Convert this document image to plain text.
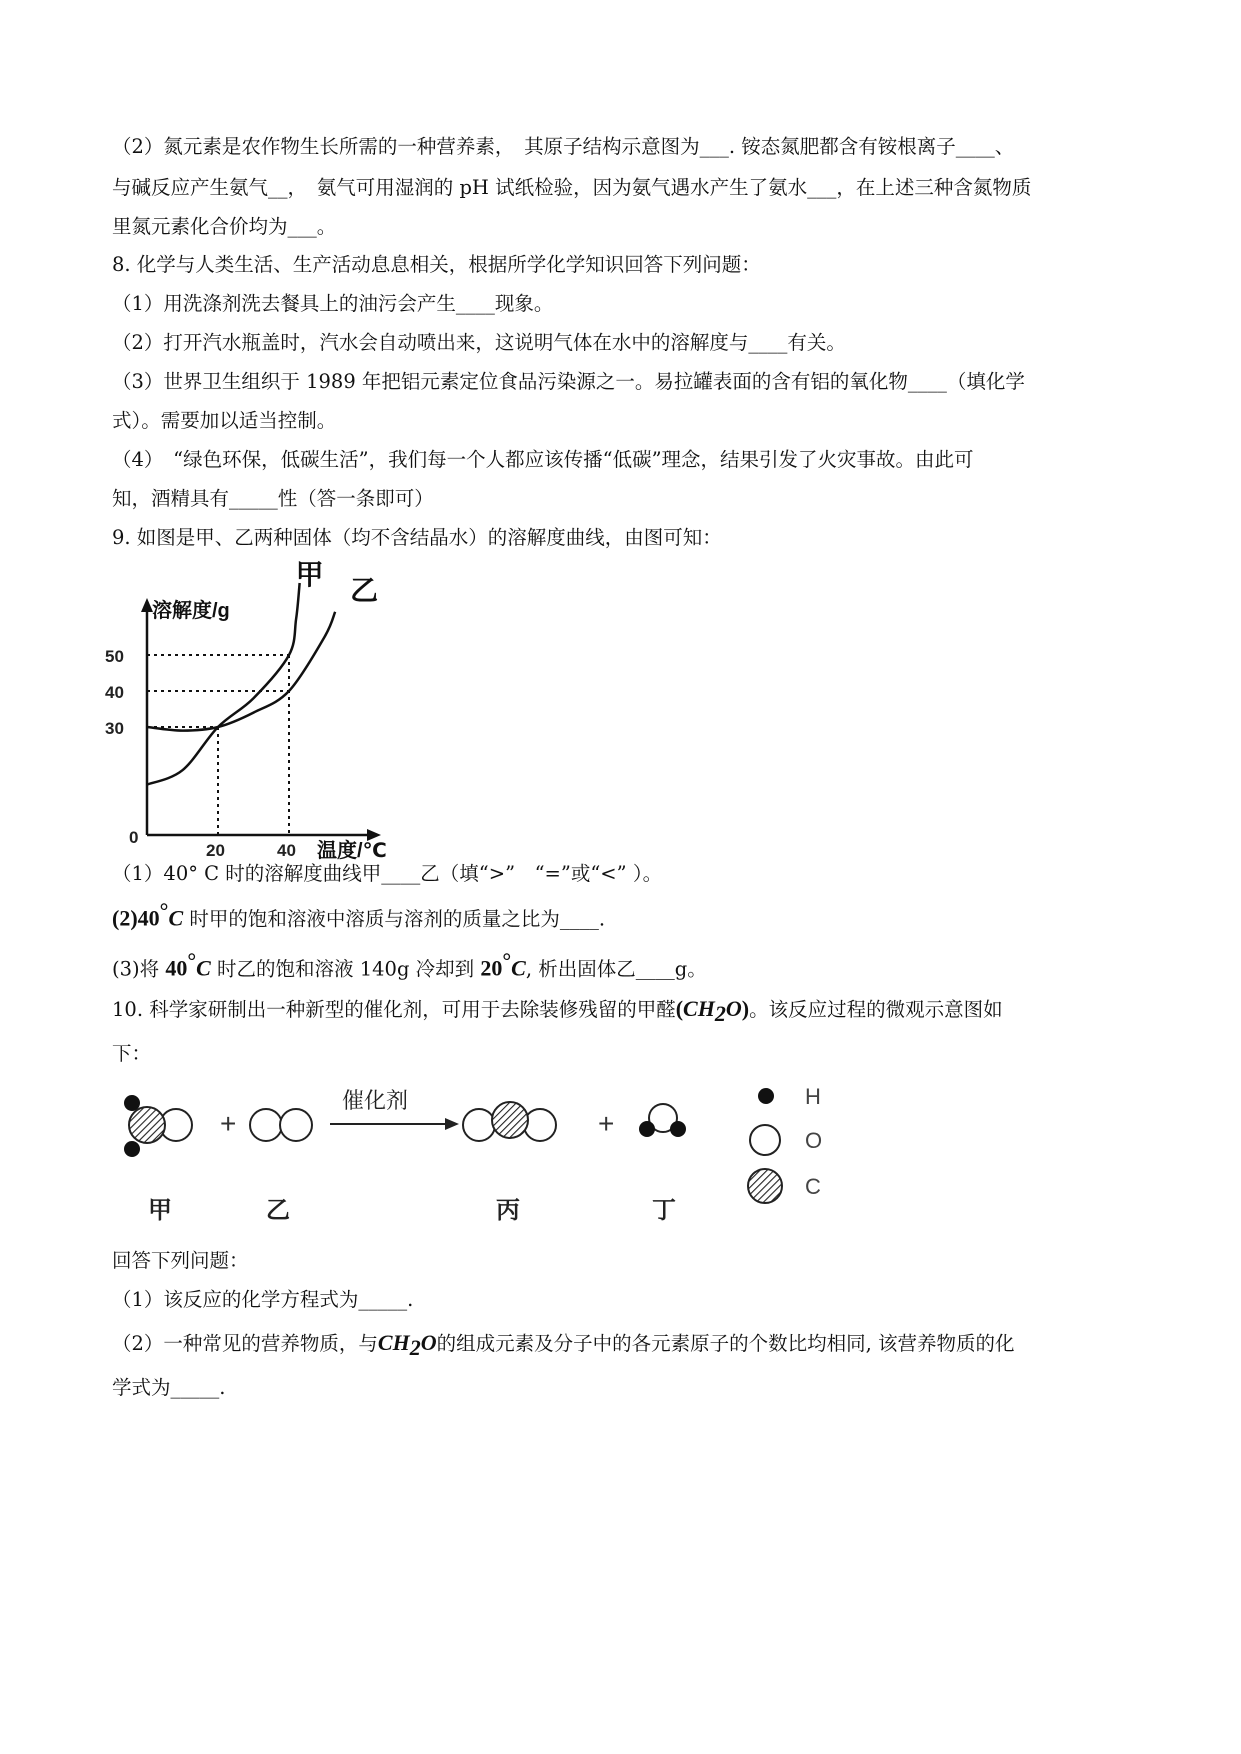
（2）氮元素是农作物生长所需的一种营养素，　其原子结构示意图为___. 铵态氮肥都含有铵根离子____、
与碱反应产生氨气__，　氨气可用湿润的 pH 试纸检验，因为氨气遇水产生了氨水___，在上述三种含氮物质
里氮元素化合价均为___。
8. 化学与人类生活、生产活动息息相关，根据所学化学知识回答下列问题：
（1）用洗涤剂洗去餐具上的油污会产生____现象。
（2）打开汽水瓶盖时，汽水会自动喷出来，这说明气体在水中的溶解度与____有关。
（3）世界卫生组织于 1989 年把铝元素定位食品污染源之一。易拉罐表面的含有铝的氧化物____（填化学
式）。需要加以适当控制。
（4）　“绿色环保，低碳生活”，我们每一个人都应该传播“低碳”理念，结果引发了火灾事故。由此可
知，酒精具有_____性（答一条即可）
9. 如图是甲、乙两种固体（均不含结晶水）的溶解度曲线，由图可知：
溶解度/g
温度/℃
0
30
40
50
20	40
甲
乙
（1）40° C 时的溶解度曲线甲____乙（填“>”　“=”或“<” ）。
(2)40°C 时甲的饱和溶液中溶质与溶剂的质量之比为____.
(3)将 40°C 时乙的饱和溶液 140g 冷却到 20°C, 析出固体乙____g。
10. 科学家研制出一种新型的催化剂，可用于去除装修残留的甲醛$(CH_2O)$。该反应过程的微观示意图如
下：
+
催化剂
+
H
O
C
甲	乙	丙	丁
回答下列问题：
（1）该反应的化学方程式为_____.
（2）一种常见的营养物质，与$CH_2O$的组成元素及分子中的各元素原子的个数比均相同, 该营养物质的化
学式为_____.
